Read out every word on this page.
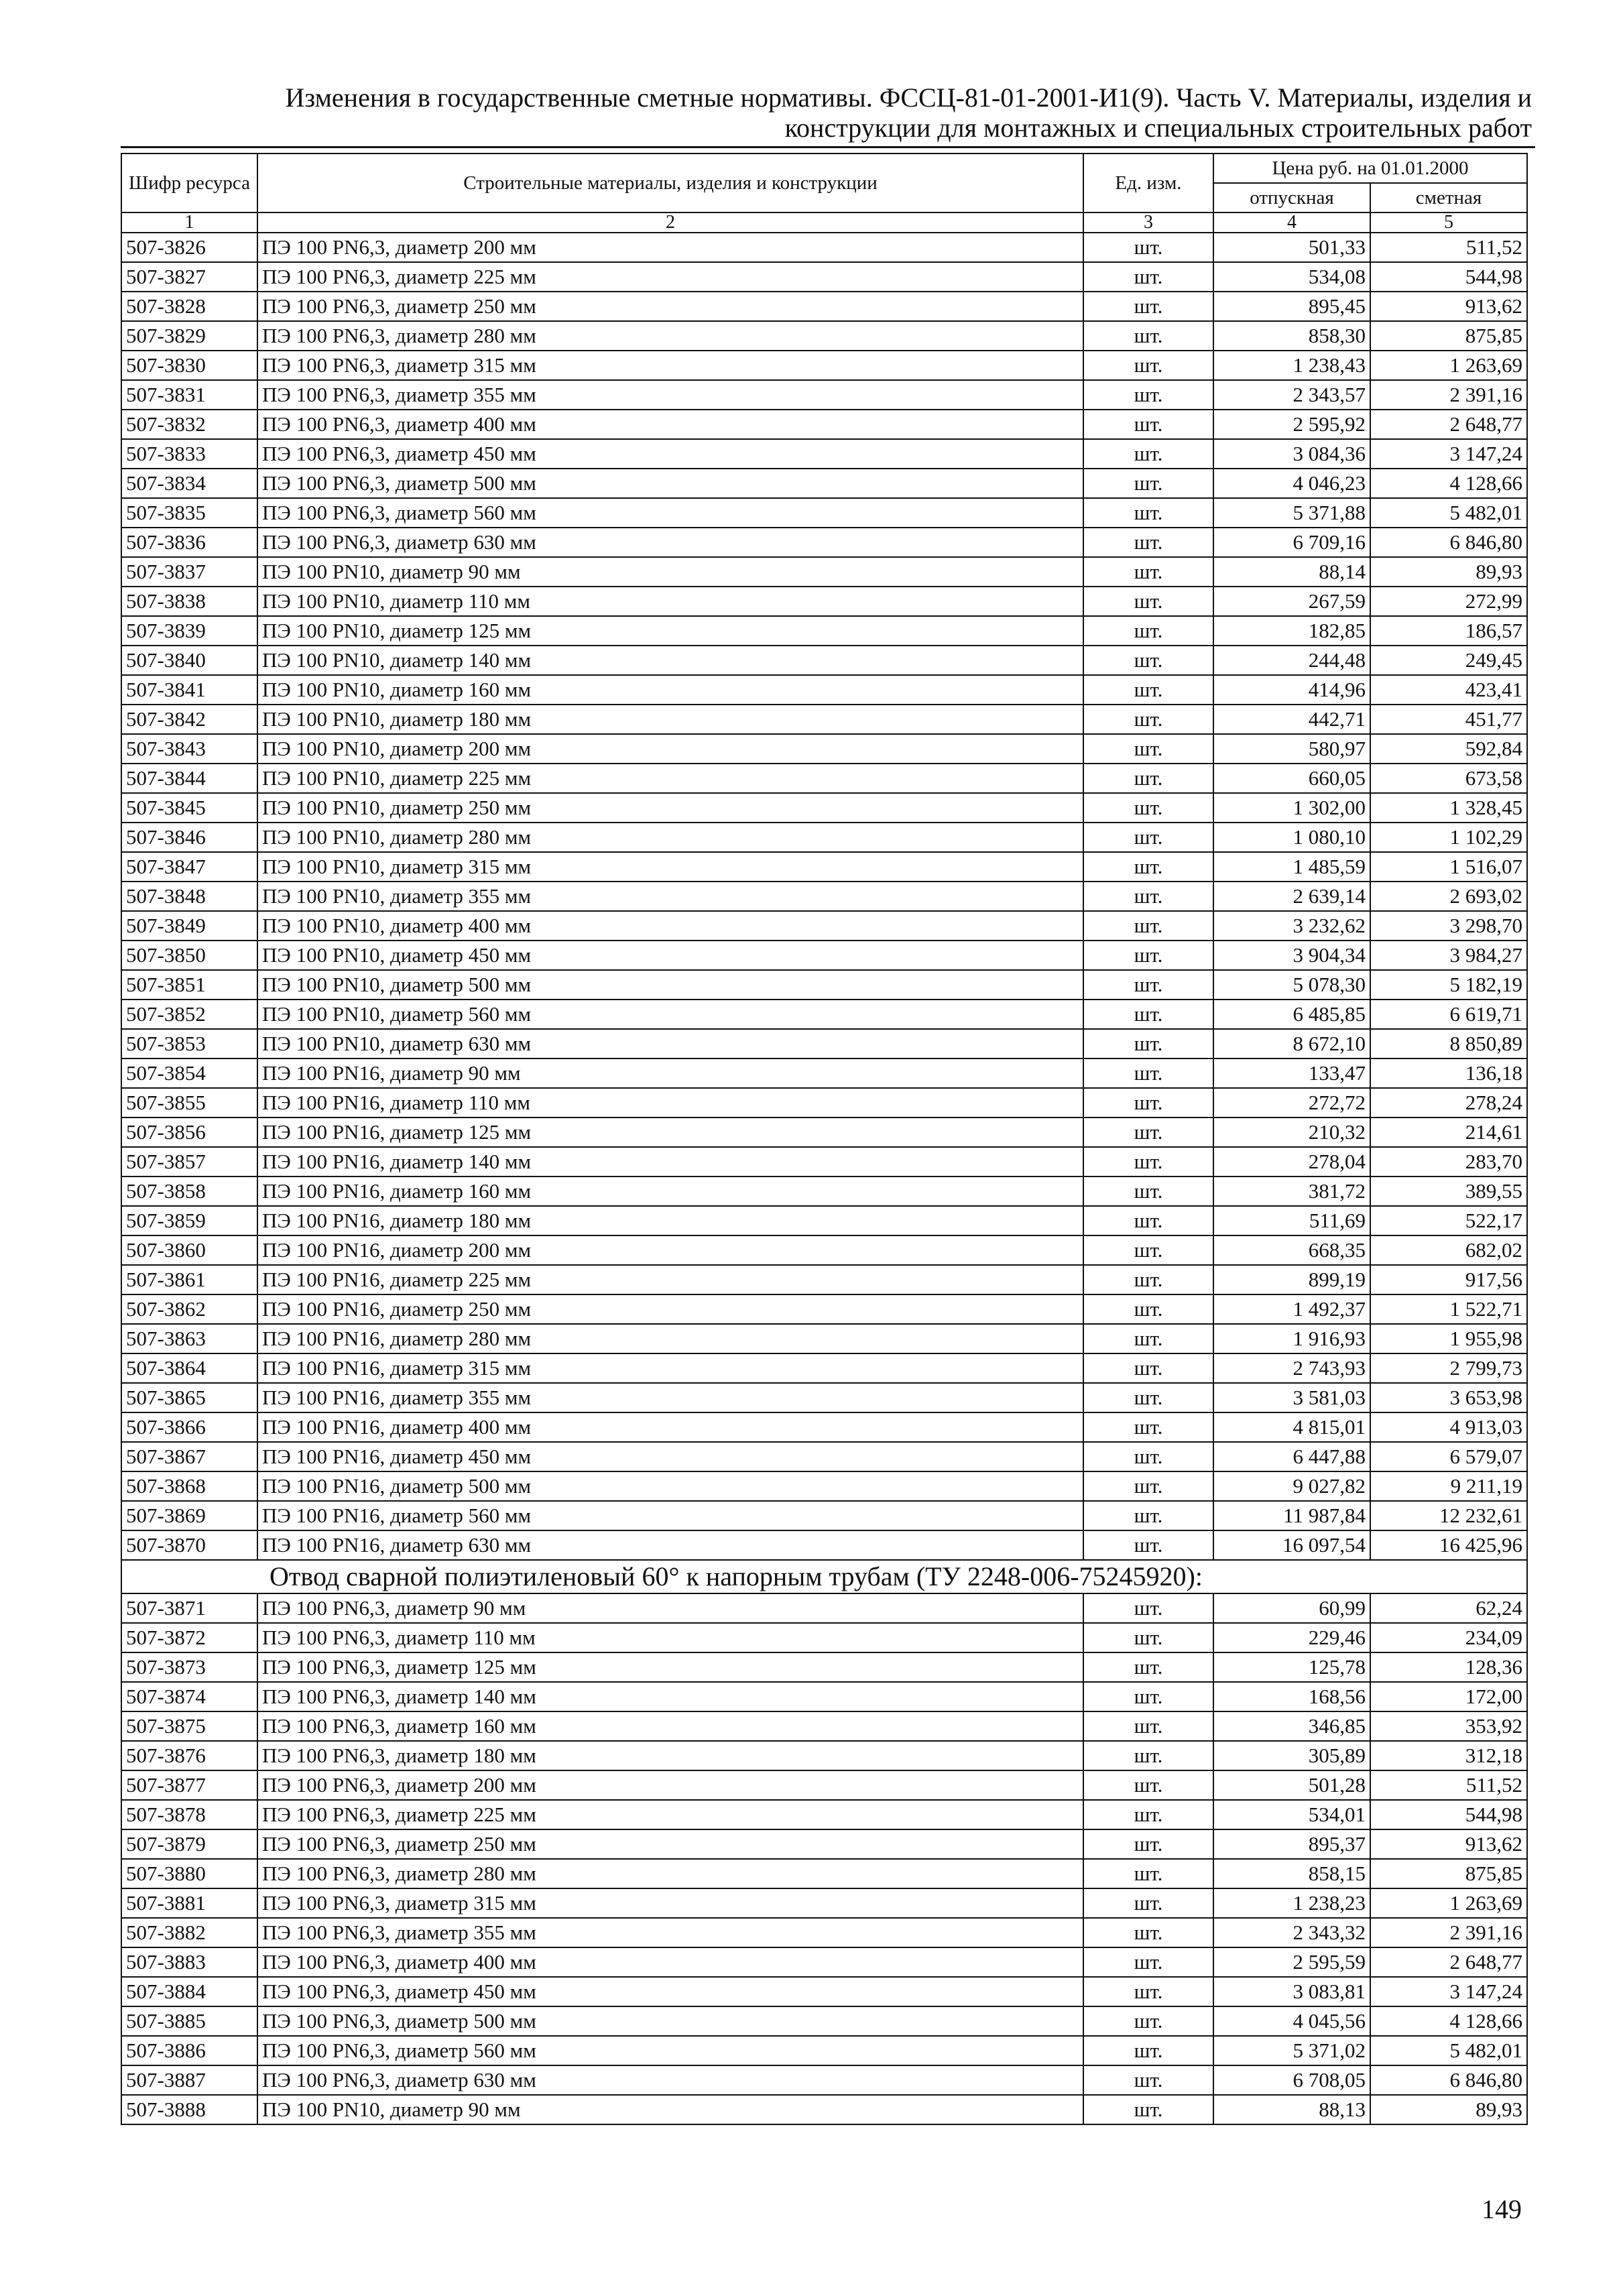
Изменения в государственные сметные нормативы. ФССЦ-81-01-2001-И1(9). Часть V. Материалы, изделия и
конструкции для монтажных и специальных строительных работ
Шифр ресурса	Строительные материалы, изделия и конструкции	Ед. изм.	Цена руб. на 01.01.2000	
			отпускная	сметная
1	2	3	4	5
507-3826	ПЭ 100 PN6,3, диаметр 200 мм	шт.	501,33	511,52
507-3827	ПЭ 100 PN6,3, диаметр 225 мм	шт.	534,08	544,98
507-3828	ПЭ 100 PN6,3, диаметр 250 мм	шт.	895,45	913,62
507-3829	ПЭ 100 PN6,3, диаметр 280 мм	шт.	858,30	875,85
507-3830	ПЭ 100 PN6,3, диаметр 315 мм	шт.	1 238,43	1 263,69
507-3831	ПЭ 100 PN6,3, диаметр 355 мм	шт.	2 343,57	2 391,16
507-3832	ПЭ 100 PN6,3, диаметр 400 мм	шт.	2 595,92	2 648,77
507-3833	ПЭ 100 PN6,3, диаметр 450 мм	шт.	3 084,36	3 147,24
507-3834	ПЭ 100 PN6,3, диаметр 500 мм	шт.	4 046,23	4 128,66
507-3835	ПЭ 100 PN6,3, диаметр 560 мм	шт.	5 371,88	5 482,01
507-3836	ПЭ 100 PN6,3, диаметр 630 мм	шт.	6 709,16	6 846,80
507-3837	ПЭ 100 PN10, диаметр 90 мм	шт.	88,14	89,93
507-3838	ПЭ 100 PN10, диаметр 110 мм	шт.	267,59	272,99
507-3839	ПЭ 100 PN10, диаметр 125 мм	шт.	182,85	186,57
507-3840	ПЭ 100 PN10, диаметр 140 мм	шт.	244,48	249,45
507-3841	ПЭ 100 PN10, диаметр 160 мм	шт.	414,96	423,41
507-3842	ПЭ 100 PN10, диаметр 180 мм	шт.	442,71	451,77
507-3843	ПЭ 100 PN10, диаметр 200 мм	шт.	580,97	592,84
507-3844	ПЭ 100 PN10, диаметр 225 мм	шт.	660,05	673,58
507-3845	ПЭ 100 PN10, диаметр 250 мм	шт.	1 302,00	1 328,45
507-3846	ПЭ 100 PN10, диаметр 280 мм	шт.	1 080,10	1 102,29
507-3847	ПЭ 100 PN10, диаметр 315 мм	шт.	1 485,59	1 516,07
507-3848	ПЭ 100 PN10, диаметр 355 мм	шт.	2 639,14	2 693,02
507-3849	ПЭ 100 PN10, диаметр 400 мм	шт.	3 232,62	3 298,70
507-3850	ПЭ 100 PN10, диаметр 450 мм	шт.	3 904,34	3 984,27
507-3851	ПЭ 100 PN10, диаметр 500 мм	шт.	5 078,30	5 182,19
507-3852	ПЭ 100 PN10, диаметр 560 мм	шт.	6 485,85	6 619,71
507-3853	ПЭ 100 PN10, диаметр 630 мм	шт.	8 672,10	8 850,89
507-3854	ПЭ 100 PN16, диаметр 90 мм	шт.	133,47	136,18
507-3855	ПЭ 100 PN16, диаметр 110 мм	шт.	272,72	278,24
507-3856	ПЭ 100 PN16, диаметр 125 мм	шт.	210,32	214,61
507-3857	ПЭ 100 PN16, диаметр 140 мм	шт.	278,04	283,70
507-3858	ПЭ 100 PN16, диаметр 160 мм	шт.	381,72	389,55
507-3859	ПЭ 100 PN16, диаметр 180 мм	шт.	511,69	522,17
507-3860	ПЭ 100 PN16, диаметр 200 мм	шт.	668,35	682,02
507-3861	ПЭ 100 PN16, диаметр 225 мм	шт.	899,19	917,56
507-3862	ПЭ 100 PN16, диаметр 250 мм	шт.	1 492,37	1 522,71
507-3863	ПЭ 100 PN16, диаметр 280 мм	шт.	1 916,93	1 955,98
507-3864	ПЭ 100 PN16, диаметр 315 мм	шт.	2 743,93	2 799,73
507-3865	ПЭ 100 PN16, диаметр 355 мм	шт.	3 581,03	3 653,98
507-3866	ПЭ 100 PN16, диаметр 400 мм	шт.	4 815,01	4 913,03
507-3867	ПЭ 100 PN16, диаметр 450 мм	шт.	6 447,88	6 579,07
507-3868	ПЭ 100 PN16, диаметр 500 мм	шт.	9 027,82	9 211,19
507-3869	ПЭ 100 PN16, диаметр 560 мм	шт.	11 987,84	12 232,61
507-3870	ПЭ 100 PN16, диаметр 630 мм	шт.	16 097,54	16 425,96
Отвод сварной полиэтиленовый 60° к напорным трубам (ТУ 2248-006-75245920):				
507-3871	ПЭ 100 PN6,3, диаметр 90 мм	шт.	60,99	62,24
507-3872	ПЭ 100 PN6,3, диаметр 110 мм	шт.	229,46	234,09
507-3873	ПЭ 100 PN6,3, диаметр 125 мм	шт.	125,78	128,36
507-3874	ПЭ 100 PN6,3, диаметр 140 мм	шт.	168,56	172,00
507-3875	ПЭ 100 PN6,3, диаметр 160 мм	шт.	346,85	353,92
507-3876	ПЭ 100 PN6,3, диаметр 180 мм	шт.	305,89	312,18
507-3877	ПЭ 100 PN6,3, диаметр 200 мм	шт.	501,28	511,52
507-3878	ПЭ 100 PN6,3, диаметр 225 мм	шт.	534,01	544,98
507-3879	ПЭ 100 PN6,3, диаметр 250 мм	шт.	895,37	913,62
507-3880	ПЭ 100 PN6,3, диаметр 280 мм	шт.	858,15	875,85
507-3881	ПЭ 100 PN6,3, диаметр 315 мм	шт.	1 238,23	1 263,69
507-3882	ПЭ 100 PN6,3, диаметр 355 мм	шт.	2 343,32	2 391,16
507-3883	ПЭ 100 PN6,3, диаметр 400 мм	шт.	2 595,59	2 648,77
507-3884	ПЭ 100 PN6,3, диаметр 450 мм	шт.	3 083,81	3 147,24
507-3885	ПЭ 100 PN6,3, диаметр 500 мм	шт.	4 045,56	4 128,66
507-3886	ПЭ 100 PN6,3, диаметр 560 мм	шт.	5 371,02	5 482,01
507-3887	ПЭ 100 PN6,3, диаметр 630 мм	шт.	6 708,05	6 846,80
507-3888	ПЭ 100 PN10, диаметр 90 мм	шт.	88,13	89,93
149
